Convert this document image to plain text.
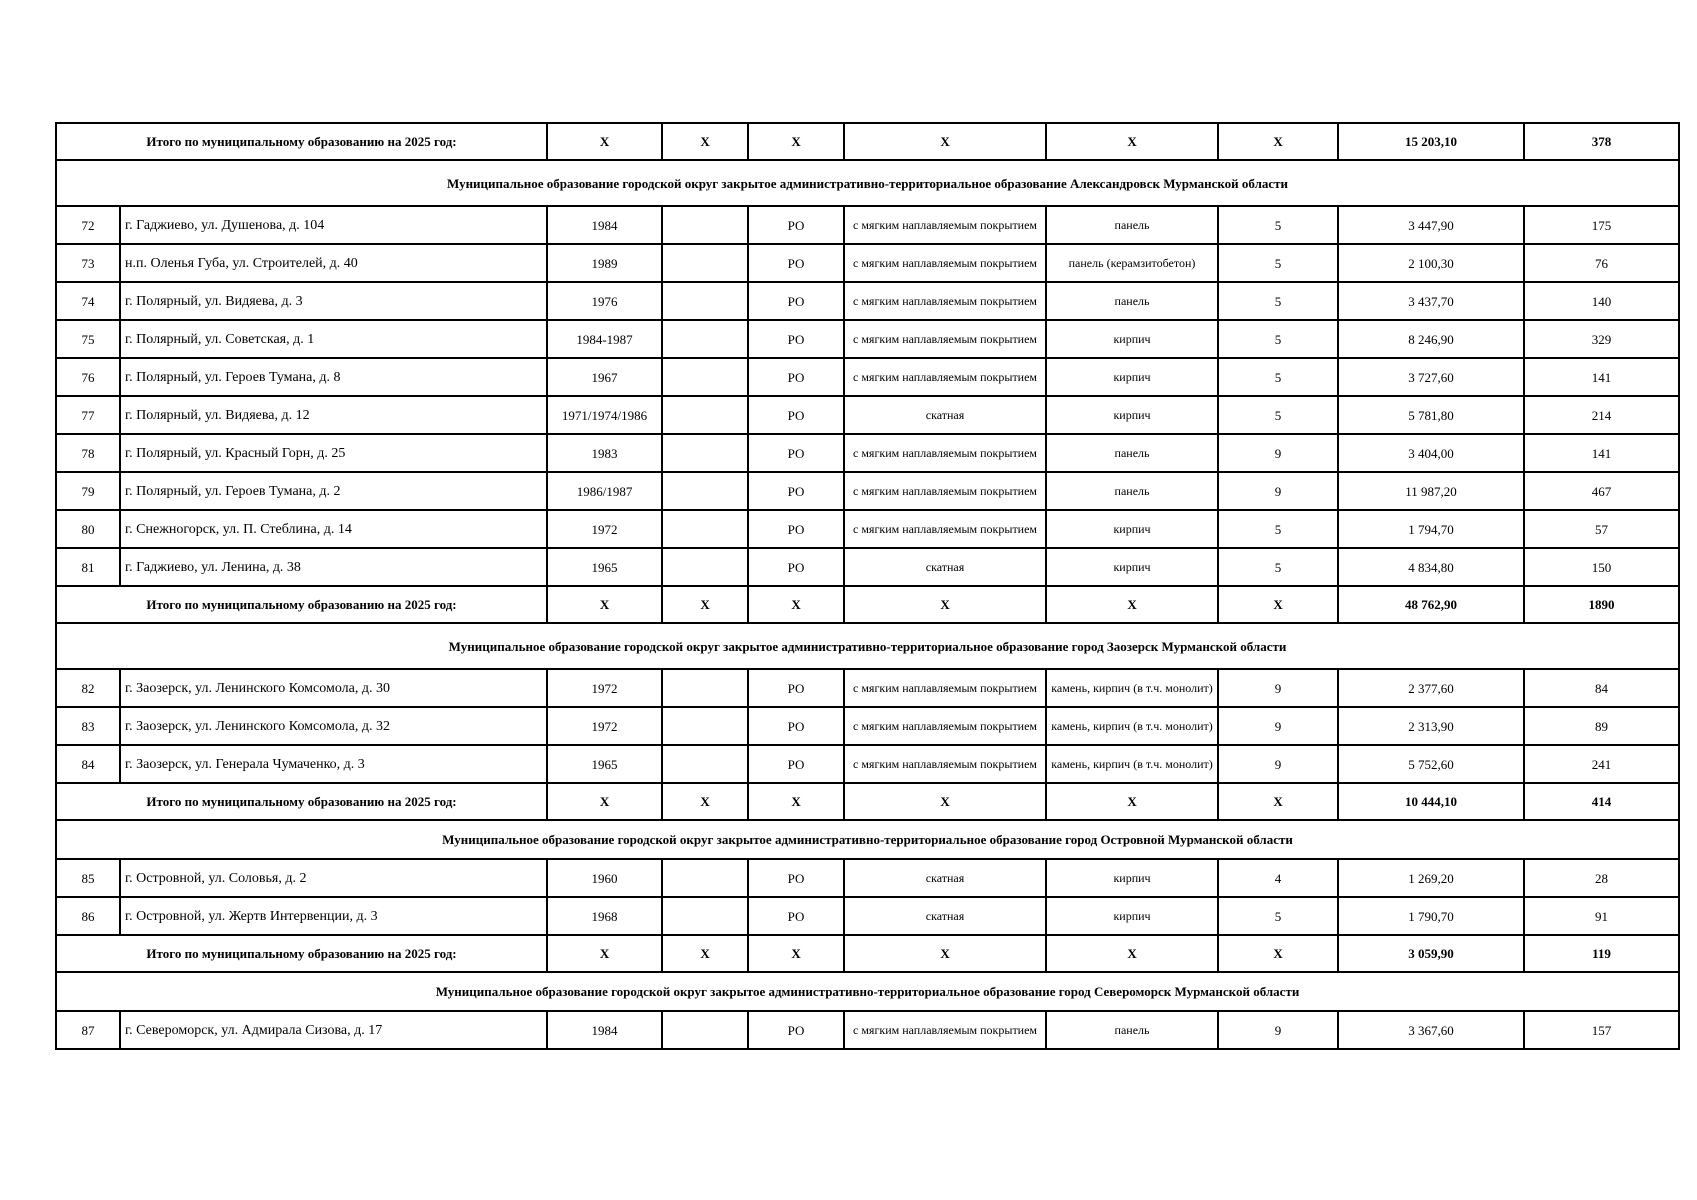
Итого по муниципальному образованию на 2025 год:		X	X	X	X	X	X	15 203,10	378
Муниципальное образование городской округ закрытое административно-территориальное образование Александровск Мурманской области									
72	г. Гаджиево, ул. Душенова, д. 104	1984		РО	с мягким наплавляемым покрытием	панель	5	3 447,90	175
73	н.п. Оленья Губа, ул. Строителей, д. 40	1989		РО	с мягким наплавляемым покрытием	панель (керамзитобетон)	5	2 100,30	76
74	г. Полярный, ул. Видяева, д. 3	1976		РО	с мягким наплавляемым покрытием	панель	5	3 437,70	140
75	г. Полярный, ул. Советская, д. 1	1984-1987		РО	с мягким наплавляемым покрытием	кирпич	5	8 246,90	329
76	г. Полярный, ул. Героев Тумана, д. 8	1967		РО	с мягким наплавляемым покрытием	кирпич	5	3 727,60	141
77	г. Полярный, ул. Видяева, д. 12	1971/1974/1986		РО	скатная	кирпич	5	5 781,80	214
78	г. Полярный, ул. Красный Горн, д. 25	1983		РО	с мягким наплавляемым покрытием	панель	9	3 404,00	141
79	г. Полярный, ул. Героев Тумана, д. 2	1986/1987		РО	с мягким наплавляемым покрытием	панель	9	11 987,20	467
80	г. Снежногорск, ул. П. Стеблина, д. 14	1972		РО	с мягким наплавляемым покрытием	кирпич	5	1 794,70	57
81	г. Гаджиево, ул. Ленина, д. 38	1965		РО	скатная	кирпич	5	4 834,80	150
Итого по муниципальному образованию на 2025 год:		X	X	X	X	X	X	48 762,90	1890
Муниципальное образование городской округ закрытое административно-территориальное образование город Заозерск Мурманской области									
82	г. Заозерск, ул. Ленинского Комсомола, д. 30	1972		РО	с мягким наплавляемым покрытием	камень, кирпич (в т.ч. монолит)	9	2 377,60	84
83	г. Заозерск, ул. Ленинского Комсомола, д. 32	1972		РО	с мягким наплавляемым покрытием	камень, кирпич (в т.ч. монолит)	9	2 313,90	89
84	г. Заозерск, ул. Генерала Чумаченко, д. 3	1965		РО	с мягким наплавляемым покрытием	камень, кирпич (в т.ч. монолит)	9	5 752,60	241
Итого по муниципальному образованию на 2025 год:		X	X	X	X	X	X	10 444,10	414
Муниципальное образование городской округ закрытое административно-территориальное образование город Островной Мурманской области									
85	г. Островной, ул. Соловья, д. 2	1960		РО	скатная	кирпич	4	1 269,20	28
86	г. Островной, ул. Жертв Интервенции, д. 3	1968		РО	скатная	кирпич	5	1 790,70	91
Итого по муниципальному образованию на 2025 год:		X	X	X	X	X	X	3 059,90	119
Муниципальное образование городской округ закрытое административно-территориальное образование город Североморск Мурманской области									
87	г. Североморск, ул. Адмирала Сизова, д. 17	1984		РО	с мягким наплавляемым покрытием	панель	9	3 367,60	157
